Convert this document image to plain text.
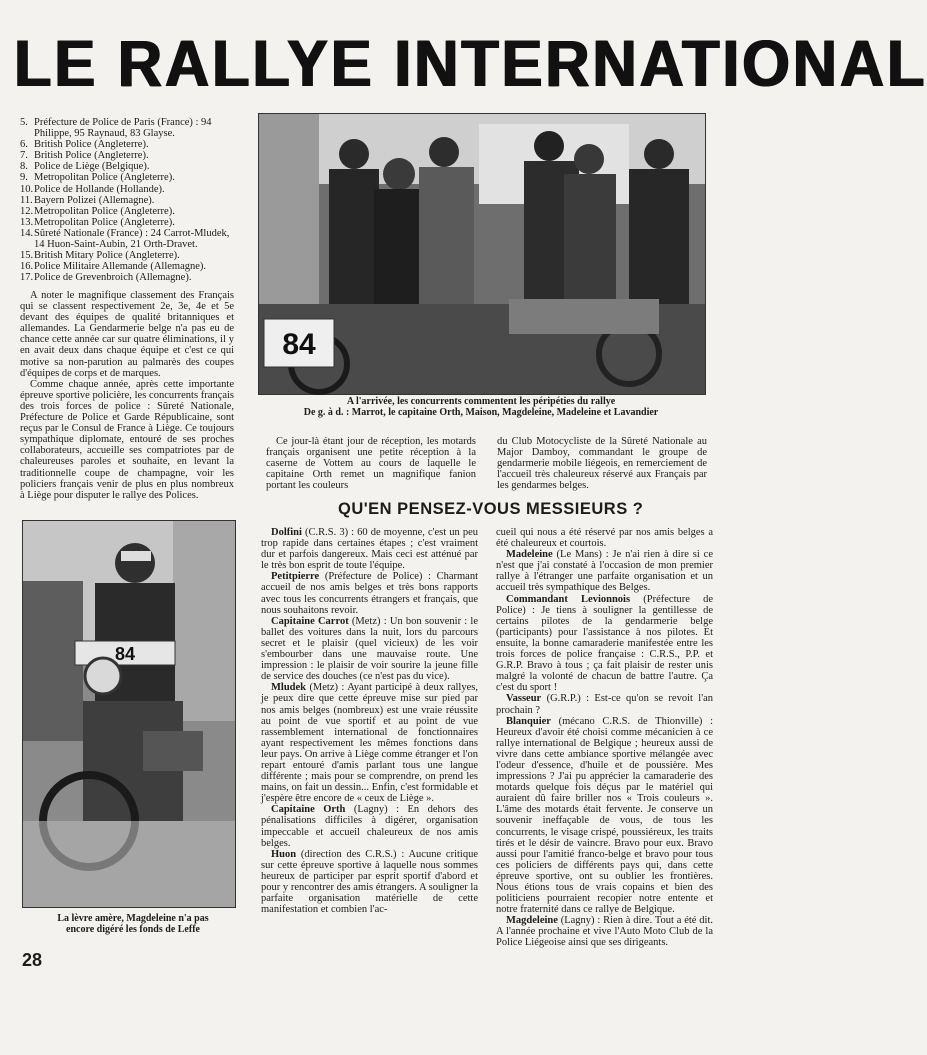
LE RALLYE INTERNATIONAL
5. Préfecture de Police de Paris (France) : 94 Philippe, 95 Raynaud, 83 Glayse.
6. British Police (Angleterre).
7. British Police (Angleterre).
8. Police de Liège (Belgique).
9. Metropolitan Police (Angleterre).
10.Police de Hollande (Hollande).
11.Bayern Polizei (Allemagne).
12.Metropolitan Police (Angleterre).
13.Metropolitan Police (Angleterre).
14.Sûreté Nationale (France) : 24 Carrot-Mludek, 14 Huon-Saint-Aubin, 21 Orth-Dravet.
15.British Mitary Police (Angleterre).
16.Police Militaire Allemande (Allemagne).
17.Police de Grevenbroich (Allemagne).

A noter le magnifique classement des Français qui se classent respectivement 2e, 3e, 4e et 5e devant des équipes de qualité britanniques et allemandes. La Gendarmerie belge n'a pas eu de chance cette année car sur quatre éliminations, il y en avait deux dans chaque équipe et c'est ce qui motive sa non-parution au palmarès des coupes d'équipes de corps et de marques.

Comme chaque année, après cette importante épreuve sportive policière, les concurrents français des trois forces de police : Sûreté Nationale, Préfecture de Police et Garde Républicaine, sont reçus par le Consul de France à Liège. Ce toujours sympathique diplomate, entouré de ses proches collaborateurs, accueille ses compatriotes par de chaleureuses paroles et souhaite, en levant la traditionnelle coupe de champagne, voir les policiers français venir de plus en plus nombreux à Liège pour disputer le rallye des Polices.

84
A l'arrivée, les concurrents commentent les péripéties du rallye
De g. à d. : Marrot, le capitaine Orth, Maison, Magdeleine, Madeleine et Lavandier

Ce jour-là étant jour de réception, les motards français organisent une petite réception à la caserne de Vottem au cours de laquelle le capitaine Orth remet un magnifique fanion portant les couleurs

du Club Motocycliste de la Sûreté Nationale au Major Damboy, commandant le groupe de gendarmerie mobile liégeois, en remerciement de l'accueil très chaleureux réservé aux Français par les gendarmes belges.

QU'EN PENSEZ-VOUS MESSIEURS ?
84
La lèvre amère, Magdeleine n'a pas
encore digéré les fonds de Leffe

Dolfini (C.R.S. 3) : 60 de moyenne, c'est un peu trop rapide dans certaines étapes ; c'est vraiment dur et parfois dangereux. Mais ceci est atténué par le très bon esprit de toute l'équipe.

Petitpierre (Préfecture de Police) : Charmant accueil de nos amis belges et très bons rapports avec tous les concurrents étrangers et français, que nous souhaitons revoir.

Capitaine Carrot (Metz) : Un bon souvenir : le ballet des voitures dans la nuit, lors du parcours secret et le plaisir (quel vicieux) de les voir s'embourber dans une mauvaise route. Une impression : le plaisir de voir sourire la jeune fille de service des douches (ce n'est pas du vice).

Mludek (Metz) : Ayant participé à deux rallyes, je peux dire que cette épreuve mise sur pied par nos amis belges (nombreux) est une vraie réussite au point de vue sportif et au point de vue rassemblement international de fonctionnaires ayant respectivement les mêmes fonctions dans leur pays. On arrive à Liège comme étranger et l'on repart entouré d'amis parlant tous une langue différente ; mais pour se comprendre, on prend les mains, on fait un dessin... Enfin, c'est formidable et j'espère être encore de « ceux de Liège ».

Capitaine Orth (Lagny) : En dehors des pénalisations difficiles à digérer, organisation impeccable et accueil chaleureux de nos amis belges.

Huon (direction des C.R.S.) : Aucune critique sur cette épreuve sportive à laquelle nous sommes heureux de participer par esprit sportif d'abord et pour y rencontrer des amis étrangers. A souligner la parfaite organisation matérielle de cette manifestation et combien l'ac-

cueil qui nous a été réservé par nos amis belges a été chaleureux et courtois.

Madeleine (Le Mans) : Je n'ai rien à dire si ce n'est que j'ai constaté à l'occasion de mon premier rallye à l'étranger une parfaite organisation et un accueil très sympathique des Belges.

Commandant Levionnois (Préfecture de Police) : Je tiens à souligner la gentillesse de certains pilotes de la gendarmerie belge (participants) pour l'assistance à nos pilotes. Et ensuite, la bonne camaraderie manifestée entre les trois forces de police française : C.R.S., P.P. et G.R.P. Bravo à tous ; ça fait plaisir de rester unis malgré la volonté de chacun de battre l'autre. Ça c'est du sport !

Vasseur (G.R.P.) : Est-ce qu'on se revoit l'an prochain ?

Blanquier (mécano C.R.S. de Thionville) : Heureux d'avoir été choisi comme mécanicien à ce rallye international de Belgique ; heureux aussi de vivre dans cette ambiance sportive mélangée avec l'odeur d'essence, d'huile et de poussière. Mes impressions ? J'ai pu apprécier la camaraderie des motards quelque fois déçus par le matériel qui auraient dû faire briller nos « Trois couleurs ». L'âme des motards était fervente. Je conserve un souvenir ineffaçable de vous, de tous les concurrents, le visage crispé, poussiéreux, les traits tirés et le désir de vaincre. Bravo pour eux. Bravo aussi pour l'amitié franco-belge et bravo pour tous ces policiers de différents pays qui, dans cette épreuve sportive, ont su oublier les frontières. Nous étions tous de vrais copains et bien des politiciens pourraient recopier notre entente et notre fraternité dans ce rallye de Belgique.

Magdeleine (Lagny) : Rien à dire. Tout a été dit. A l'année prochaine et vive l'Auto Moto Club de la Police Liégeoise ainsi que ses dirigeants.

28
